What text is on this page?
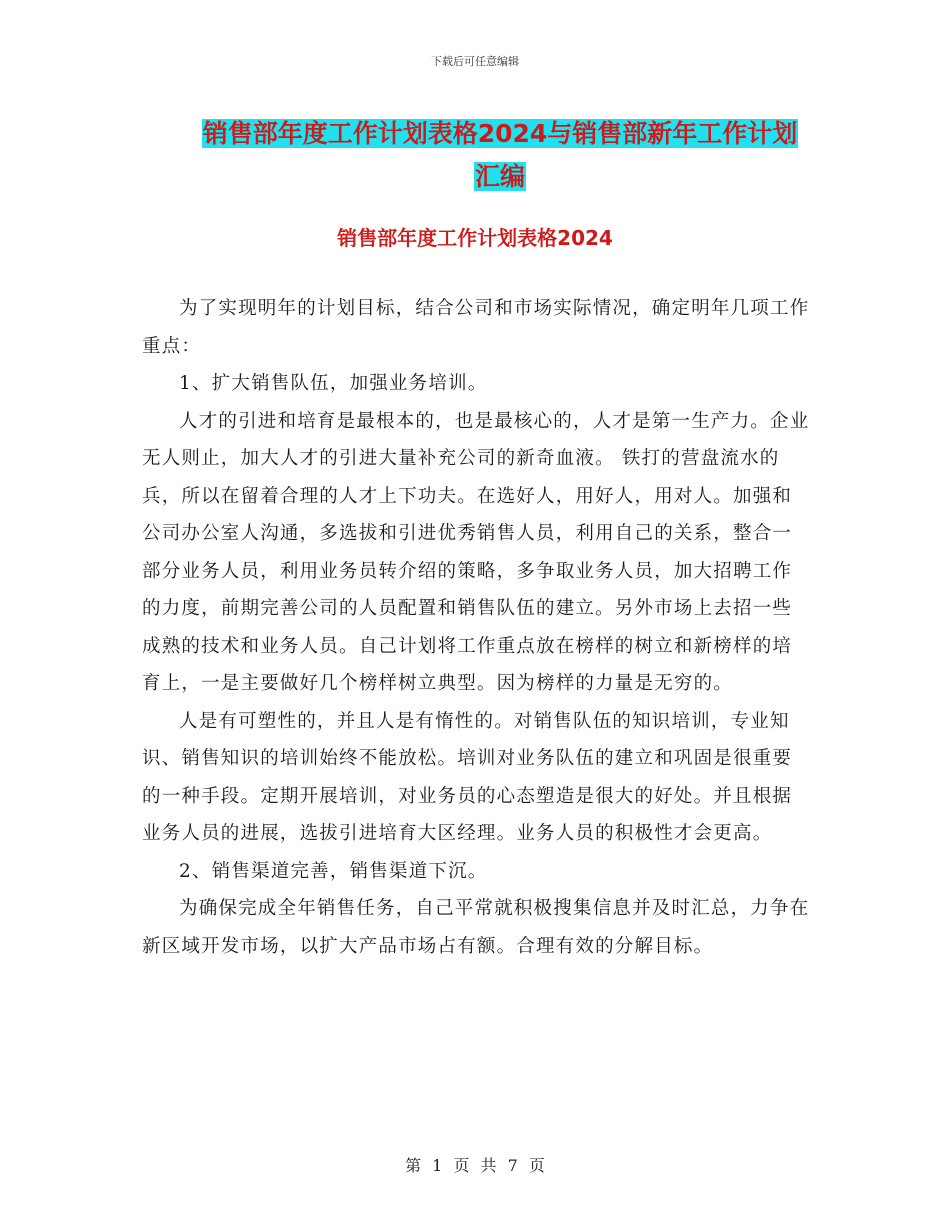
下载后可任意编辑
销售部年度工作计划表格2024与销售部新年工作计划
汇编
销售部年度工作计划表格2024

为了实现明年的计划目标，结合公司和市场实际情况，确定明年几项工作重点：

1、扩大销售队伍，加强业务培训。

人才的引进和培育是最根本的，也是最核心的，人才是第一生产力。企业无人则止，加大人才的引进大量补充公司的新奇血液。 铁打的营盘流水的兵，所以在留着合理的人才上下功夫。在选好人，用好人，用对人。加强和公司办公室人沟通，多选拔和引进优秀销售人员，利用自己的关系，整合一部分业务人员，利用业务员转介绍的策略，多争取业务人员，加大招聘工作的力度，前期完善公司的人员配置和销售队伍的建立。另外市场上去招一些成熟的技术和业务人员。自己计划将工作重点放在榜样的树立和新榜样的培育上，一是主要做好几个榜样树立典型。因为榜样的力量是无穷的。

人是有可塑性的，并且人是有惰性的。对销售队伍的知识培训，专业知识、销售知识的培训始终不能放松。培训对业务队伍的建立和巩固是很重要的一种手段。定期开展培训，对业务员的心态塑造是很大的好处。并且根据业务人员的进展，选拔引进培育大区经理。业务人员的积极性才会更高。

2、销售渠道完善，销售渠道下沉。

为确保完成全年销售任务，自己平常就积极搜集信息并及时汇总，力争在新区域开发市场，以扩大产品市场占有额。合理有效的分解目标。

第 1 页 共 7 页
